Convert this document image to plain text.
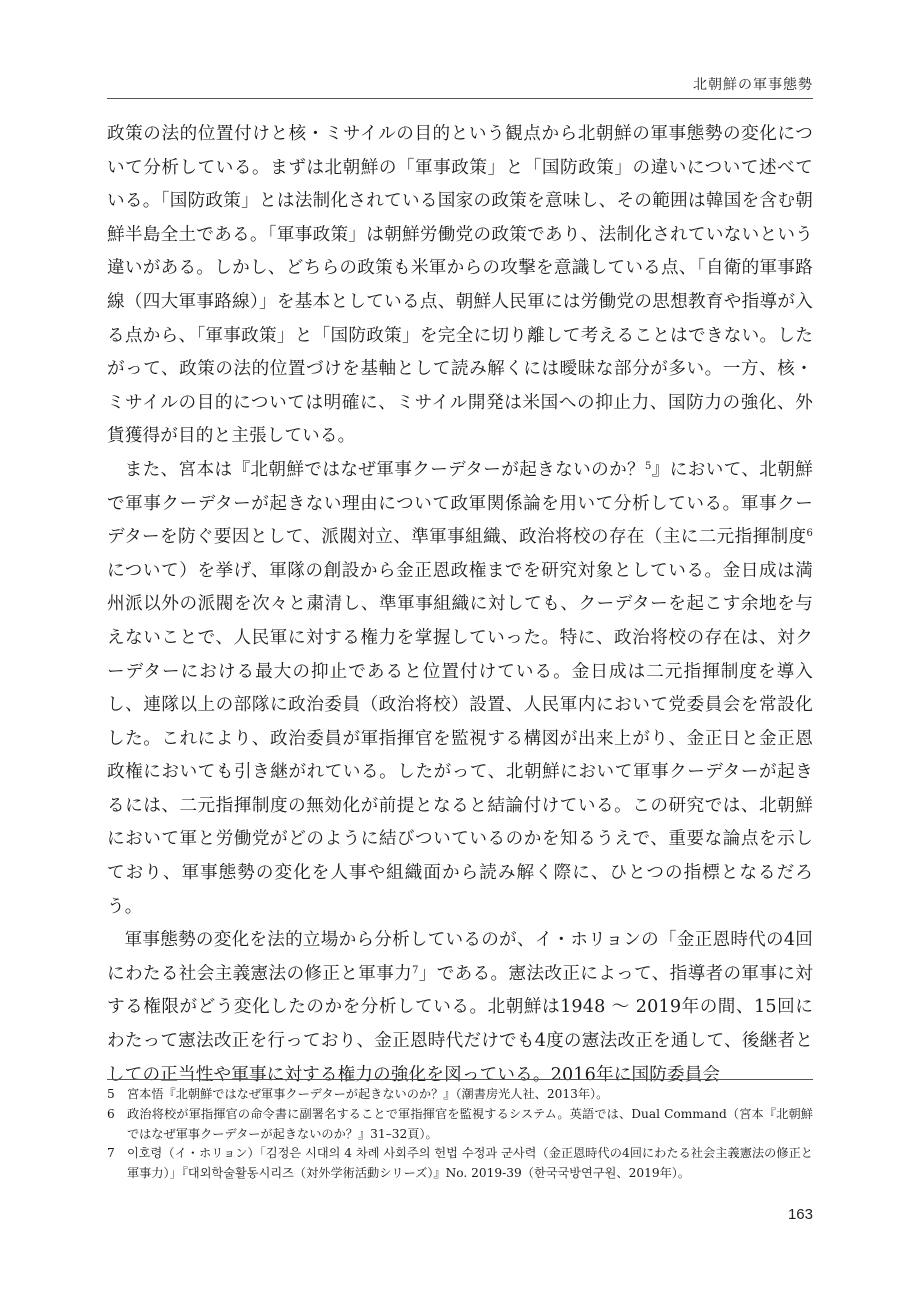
北朝鮮の軍事態勢

政策の法的位置付けと核・ミサイルの目的という観点から北朝鮮の軍事態勢の変化について分析している。まずは北朝鮮の「軍事政策」と「国防政策」の違いについて述べている。「国防政策」とは法制化されている国家の政策を意味し、その範囲は韓国を含む朝鮮半島全土である。「軍事政策」は朝鮮労働党の政策であり、法制化されていないという違いがある。しかし、どちらの政策も米軍からの攻撃を意識している点、「自衛的軍事路線（四大軍事路線）」を基本としている点、朝鮮人民軍には労働党の思想教育や指導が入る点から、「軍事政策」と「国防政策」を完全に切り離して考えることはできない。したがって、政策の法的位置づけを基軸として読み解くには曖昧な部分が多い。一方、核・ミサイルの目的については明確に、ミサイル開発は米国への抑止力、国防力の強化、外貨獲得が目的と主張している。

また、宮本は『北朝鮮ではなぜ軍事クーデターが起きないのか？$^5$』において、北朝鮮で軍事クーデターが起きない理由について政軍関係論を用いて分析している。軍事クーデターを防ぐ要因として、派閥対立、準軍事組織、政治将校の存在（主に二元指揮制度$^6$について）を挙げ、軍隊の創設から金正恩政権までを研究対象としている。金日成は満州派以外の派閥を次々と粛清し、準軍事組織に対しても、クーデターを起こす余地を与えないことで、人民軍に対する権力を掌握していった。特に、政治将校の存在は、対クーデターにおける最大の抑止であると位置付けている。金日成は二元指揮制度を導入し、連隊以上の部隊に政治委員（政治将校）設置、人民軍内において党委員会を常設化した。これにより、政治委員が軍指揮官を監視する構図が出来上がり、金正日と金正恩政権においても引き継がれている。したがって、北朝鮮において軍事クーデターが起きるには、二元指揮制度の無効化が前提となると結論付けている。この研究では、北朝鮮において軍と労働党がどのように結びついているのかを知るうえで、重要な論点を示しており、軍事態勢の変化を人事や組織面から読み解く際に、ひとつの指標となるだろう。

軍事態勢の変化を法的立場から分析しているのが、イ・ホリョンの「金正恩時代の4回にわたる社会主義憲法の修正と軍事力$^7$」である。憲法改正によって、指導者の軍事に対する権限がどう変化したのかを分析している。北朝鮮は1948 ～ 2019年の間、15回にわたって憲法改正を行っており、金正恩時代だけでも4度の憲法改正を通して、後継者としての正当性や軍事に対する権力の強化を図っている。2016年に国防委員会

5 宮本悟『北朝鮮ではなぜ軍事クーデターが起きないのか？』（潮書房光人社、2013年）。

6 政治将校が軍指揮官の命令書に副署名することで軍指揮官を監視するシステム。英語では、Dual Command（宮本『北朝鮮ではなぜ軍事クーデターが起きないのか？』31–32頁）。

7 이호령（イ・ホリョン）「김정은 시대의 4 차례 사회주의 헌법 수정과 군사력（金正恩時代の4回にわたる社会主義憲法の修正と軍事力）」『대외학술활동시리즈（対外学術活動シリーズ）』No. 2019-39（한국국방연구원、2019年）。

163
